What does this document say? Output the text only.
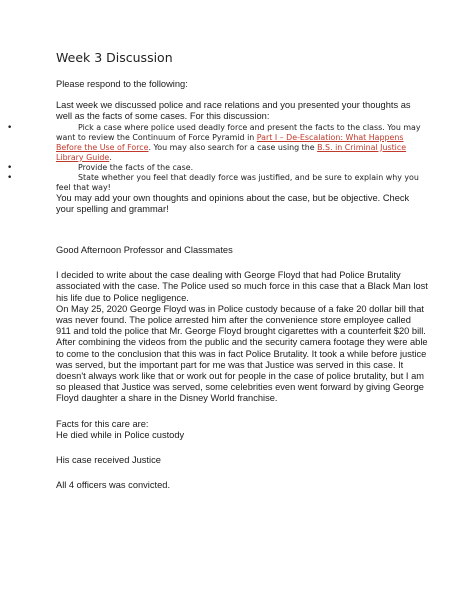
Week 3 Discussion

Please respond to the following:

Last week we discussed police and race relations and you presented your thoughts as well as the facts of some cases. For this discussion:

•	Pick a case where police used deadly force and present the facts to the class. You may want to review the Continuum of Force Pyramid in Part I – De-Escalation: What Happens Before the Use of Force. You may also search for a case using the B.S. in Criminal Justice Library Guide.
•	Provide the facts of the case.
•	State whether you feel that deadly force was justified, and be sure to explain why you feel that way!

You may add your own thoughts and opinions about the case, but be objective. Check your spelling and grammar!

Good Afternoon Professor and Classmates

I decided to write about the case dealing with George Floyd that had Police Brutality associated with the case. The Police used so much force in this case that a Black Man lost his life due to Police negligence.

On May 25, 2020 George Floyd was in Police custody because of a fake 20 dollar bill that was never found. The police arrested him after the convenience store employee called 911 and told the police that Mr. George Floyd brought cigarettes with a counterfeit $20 bill. After combining the videos from the public and the security camera footage they were able to come to the conclusion that this was in fact Police Brutality. It took a while before justice was served, but the important part for me was that Justice was served in this case. It doesn't always work like that or work out for people in the case of police brutality, but I am so pleased that Justice was served, some celebrities even went forward by giving George Floyd daughter a share in the Disney World franchise.

Facts for this care are:

He died while in Police custody

His case received Justice

All 4 officers was convicted.
